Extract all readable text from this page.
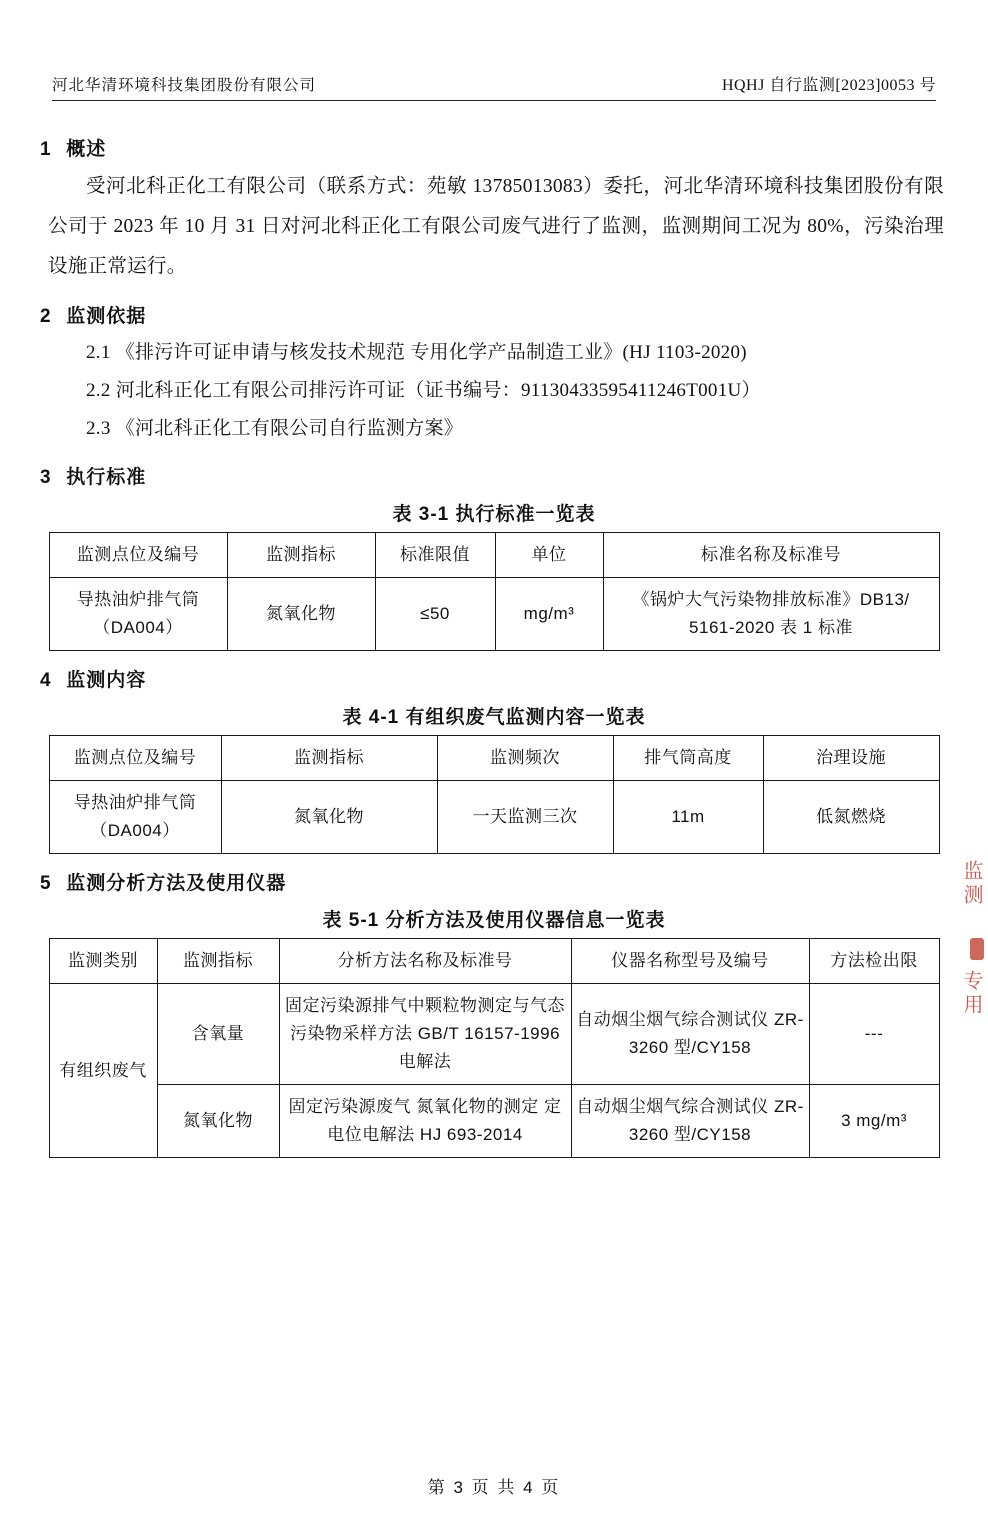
河北华清环境科技集团股份有限公司	HQHJ 自行监测[2023]0053 号
1 概述

受河北科正化工有限公司（联系方式：苑敏 13785013083）委托，河北华清环境科技集团股份有限公司于 2023 年 10 月 31 日对河北科正化工有限公司废气进行了监测，监测期间工况为 80%，污染治理设施正常运行。

2 监测依据
2.1 《排污许可证申请与核发技术规范 专用化学产品制造工业》(HJ 1103-2020)
2.2 河北科正化工有限公司排污许可证（证书编号：91130433595411246T001U）
2.3 《河北科正化工有限公司自行监测方案》
3 执行标准
表 3-1 执行标准一览表
监测点位及编号	监测指标	标准限值	单位	标准名称及标准号
导热油炉排气筒（DA004）	氮氧化物	≤50	mg/m³	《锅炉大气污染物排放标准》DB13/ 5161-2020 表 1 标准
4 监测内容
表 4-1 有组织废气监测内容一览表
监测点位及编号	监测指标	监测频次	排气筒高度	治理设施
导热油炉排气筒（DA004）	氮氧化物	一天监测三次	11m	低氮燃烧
5 监测分析方法及使用仪器
表 5-1 分析方法及使用仪器信息一览表
监测类别	监测指标	分析方法名称及标准号	仪器名称型号及编号	方法检出限
有组织废气	含氧量	固定污染源排气中颗粒物测定与气态污染物采样方法 GB/T 16157-1996 电解法	自动烟尘烟气综合测试仪 ZR-3260 型/CY158	---
	氮氧化物	固定污染源废气 氮氧化物的测定 定电位电解法 HJ 693-2014	自动烟尘烟气综合测试仪 ZR-3260 型/CY158	3 mg/m³
监测
专用
第 3 页 共 4 页
